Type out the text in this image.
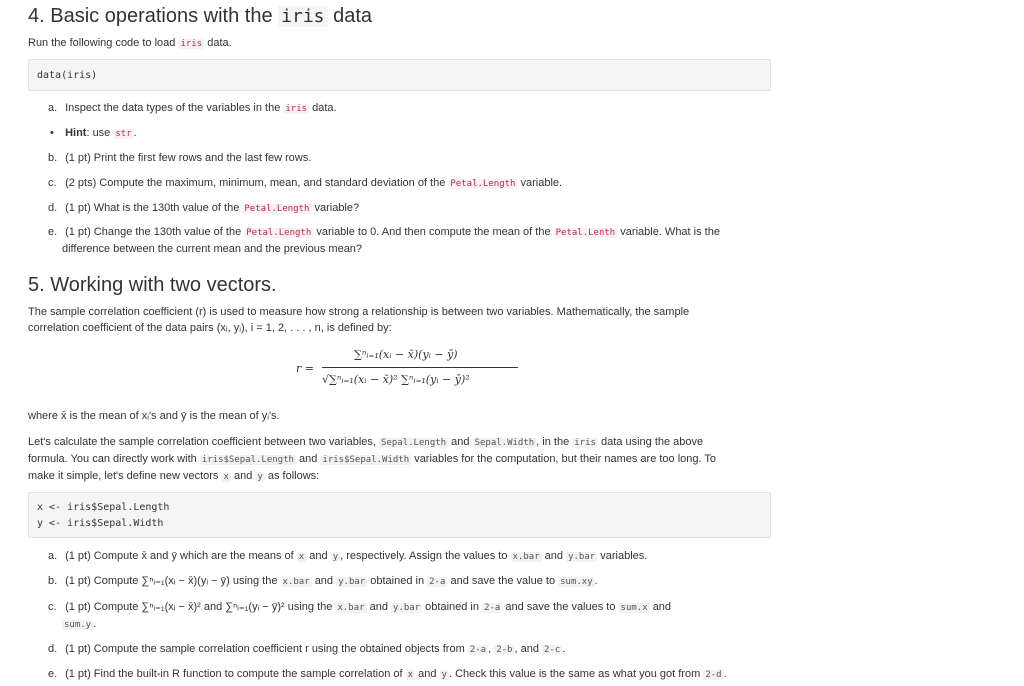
4. Basic operations with the iris data
Run the following code to load iris data.
data(iris)
a. Inspect the data types of the variables in the iris data.
• Hint: use str .
b. (1 pt) Print the first few rows and the last few rows.
c. (2 pts) Compute the maximum, minimum, mean, and standard deviation of the Petal.Length variable.
d. (1 pt) What is the 130th value of the Petal.Length variable?
e. (1 pt) Change the 130th value of the Petal.Length variable to 0. And then compute the mean of the Petal.Lenth variable. What is the
difference between the current mean and the previous mean?
5. Working with two vectors.
The sample correlation coefficient (r) is used to measure how strong a relationship is between two variables. Mathematically, the sample
correlation coefficient of the data pairs (xᵢ, yᵢ), i = 1, 2, . . . , n, is defined by:
r =
∑ⁿᵢ₌₁(xᵢ − x̄)(yᵢ − ȳ)
√∑ⁿᵢ₌₁(xᵢ − x̄)² ∑ⁿᵢ₌₁(yᵢ − ȳ)²
where x̄ is the mean of xᵢ's and ȳ is the mean of yᵢ's.
Let's calculate the sample correlation coefficient between two variables, Sepal.Length and Sepal.Width , in the iris data using the above
formula. You can directly work with iris$Sepal.Length and iris$Sepal.Width variables for the computation, but their names are too long. To
make it simple, let's define new vectors x and y as follows:
x <- iris$Sepal.Length
y <- iris$Sepal.Width
a. (1 pt) Compute x̄ and ȳ which are the means of x and y , respectively. Assign the values to x.bar and y.bar variables.
b. (1 pt) Compute ∑ⁿᵢ₌₁(xᵢ − x̄)(yᵢ − ȳ) using the x.bar and y.bar obtained in 2-a and save the value to sum.xy .
c. (1 pt) Compute ∑ⁿᵢ₌₁(xᵢ − x̄)² and ∑ⁿᵢ₌₁(yᵢ − ȳ)² using the x.bar and y.bar obtained in 2-a and save the values to sum.x and
sum.y .
d. (1 pt) Compute the sample correlation coefficient r using the obtained objects from 2-a , 2-b , and 2-c .
e. (1 pt) Find the built-in R function to compute the sample correlation of x and y . Check this value is the same as what you got from 2-d .
